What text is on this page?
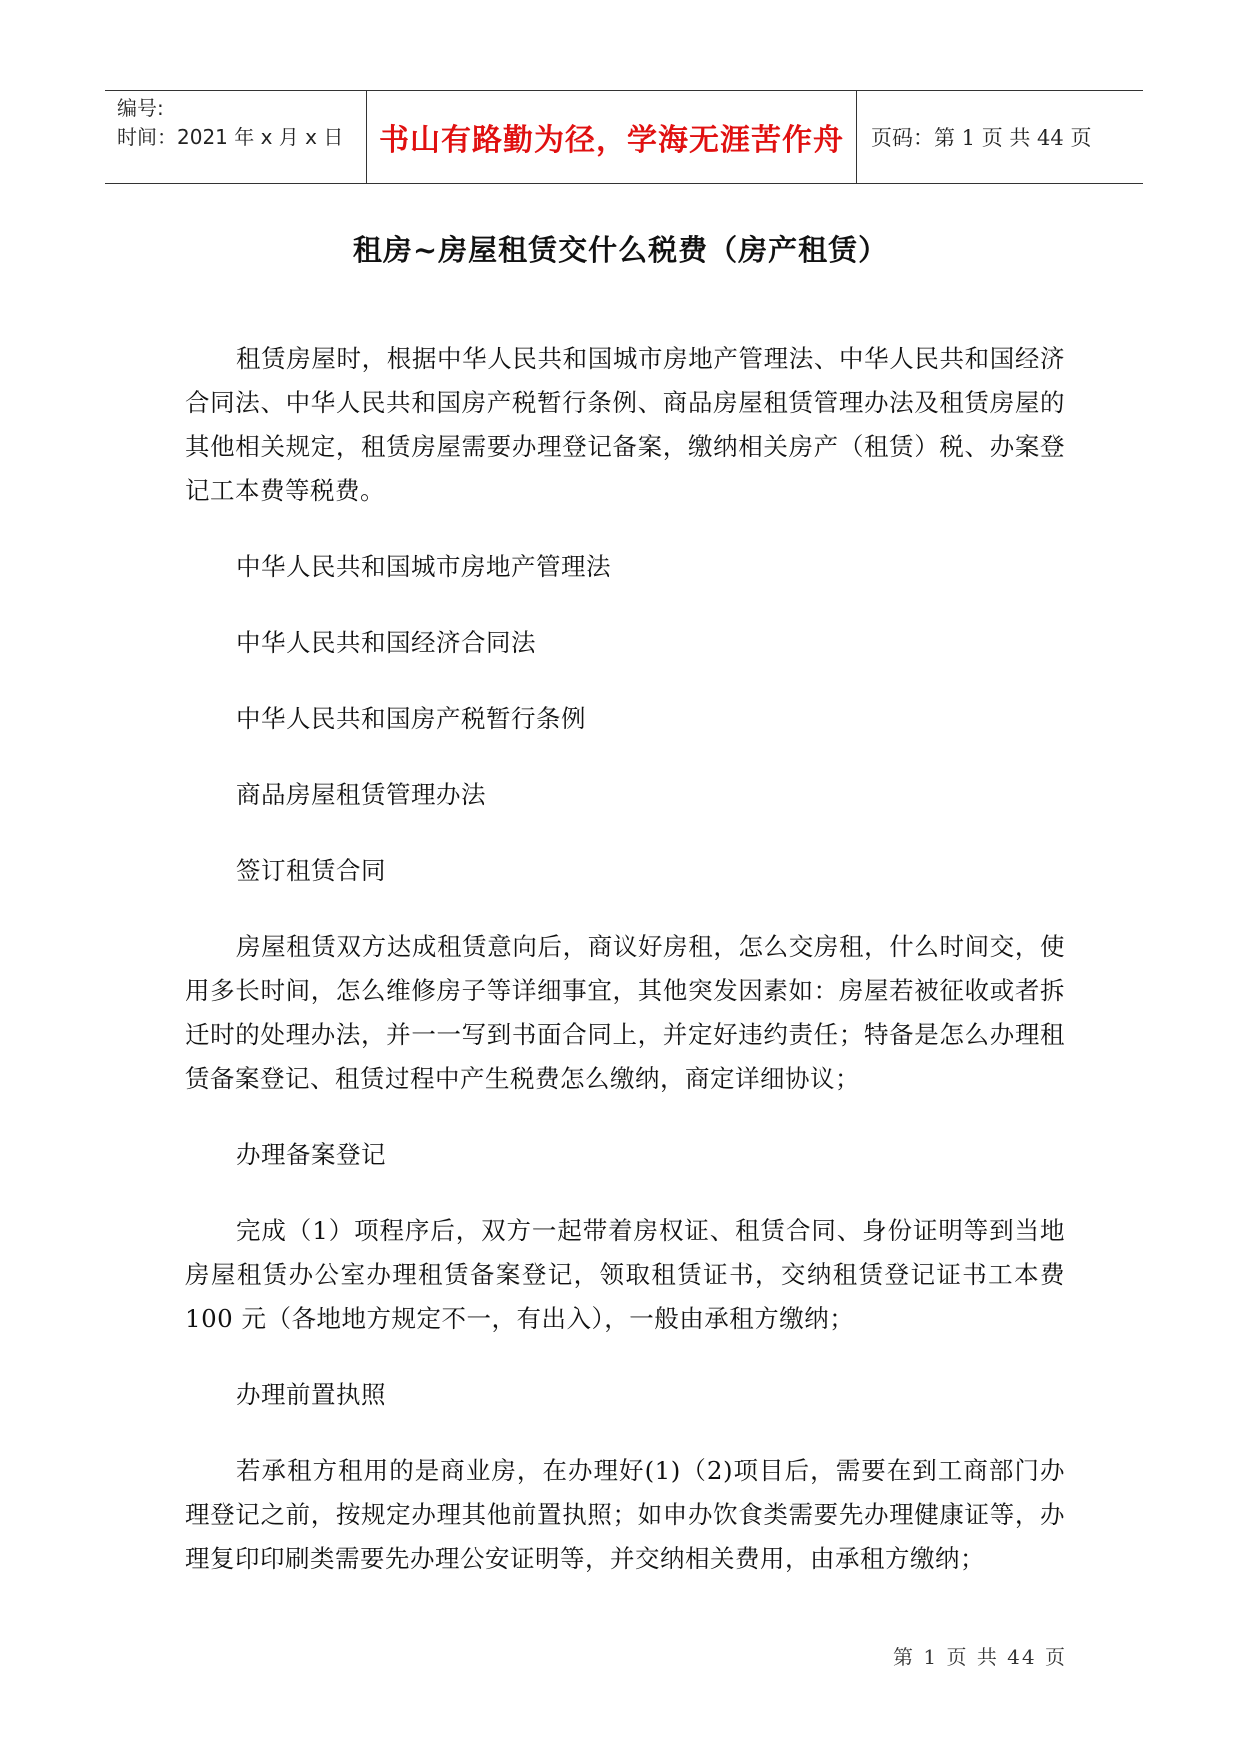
编号:
时间：2021 年 x 月 x 日	书山有路勤为径，学海无涯苦作舟	页码：第 1 页 共 44 页
租房~房屋租赁交什么税费（房产租赁）

租赁房屋时，根据中华人民共和国城市房地产管理法、中华人民共和国经济合同法、中华人民共和国房产税暂行条例、商品房屋租赁管理办法及租赁房屋的其他相关规定，租赁房屋需要办理登记备案，缴纳相关房产（租赁）税、办案登记工本费等税费。

中华人民共和国城市房地产管理法

中华人民共和国经济合同法

中华人民共和国房产税暂行条例

商品房屋租赁管理办法

签订租赁合同

房屋租赁双方达成租赁意向后，商议好房租，怎么交房租，什么时间交，使用多长时间，怎么维修房子等详细事宜，其他突发因素如：房屋若被征收或者拆迁时的处理办法，并一一写到书面合同上，并定好违约责任；特备是怎么办理租赁备案登记、租赁过程中产生税费怎么缴纳，商定详细协议；

办理备案登记

完成（1）项程序后，双方一起带着房权证、租赁合同、身份证明等到当地房屋租赁办公室办理租赁备案登记，领取租赁证书，交纳租赁登记证书工本费 100 元（各地地方规定不一，有出入），一般由承租方缴纳；

办理前置执照

若承租方租用的是商业房，在办理好(1)（2)项目后，需要在到工商部门办理登记之前，按规定办理其他前置执照；如申办饮食类需要先办理健康证等，办理复印印刷类需要先办理公安证明等，并交纳相关费用，由承租方缴纳；

第 1 页 共 44 页
